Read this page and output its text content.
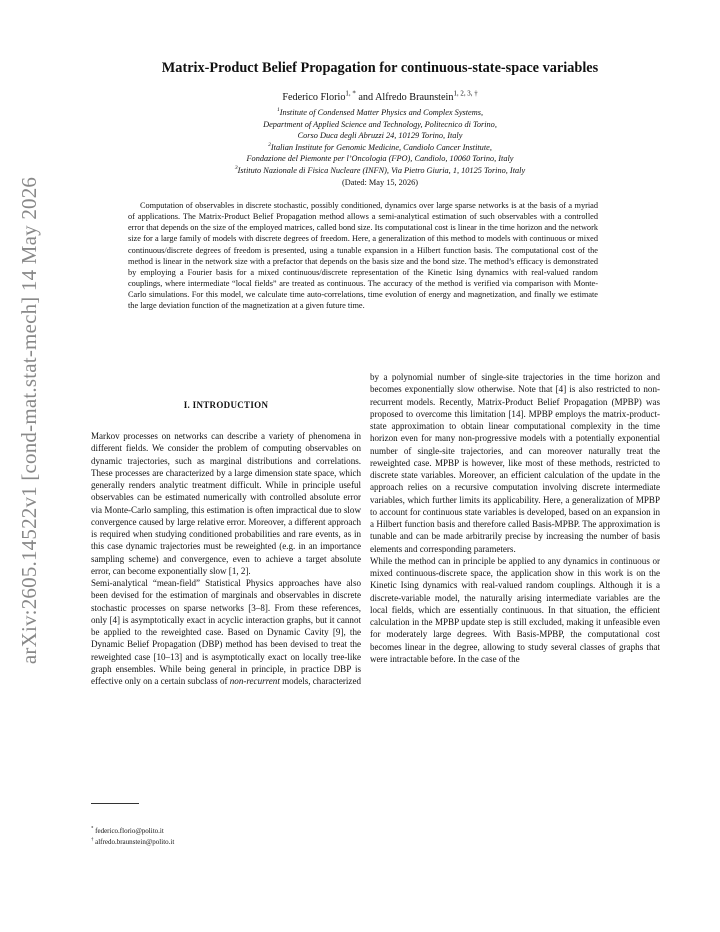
arXiv:2605.14522v1 [cond-mat.stat-mech] 14 May 2026
Matrix-Product Belief Propagation for continuous-state-space variables
Federico Florio$^{1, *}$ and Alfredo Braunstein$^{1, 2, 3, \dagger}$
$^1$Institute of Condensed Matter Physics and Complex Systems,
Department of Applied Science and Technology, Politecnico di Torino,
Corso Duca degli Abruzzi 24, 10129 Torino, Italy
$^2$Italian Institute for Genomic Medicine, Candiolo Cancer Institute,
Fondazione del Piemonte per l’Oncologia (FPO), Candiolo, 10060 Torino, Italy
$^3$Istituto Nazionale di Fisica Nucleare (INFN), Via Pietro Giuria, 1, 10125 Torino, Italy
(Dated: May 15, 2026)
Computation of observables in discrete stochastic, possibly conditioned, dynamics over large sparse networks is at the basis of a myriad of applications. The Matrix-Product Belief Propagation method allows a semi-analytical estimation of such observables with a controlled error that depends on the size of the employed matrices, called bond size. Its computational cost is linear in the time horizon and the network size for a large family of models with discrete degrees of freedom. Here, a generalization of this method to models with continuous or mixed continuous/discrete degrees of freedom is presented, using a tunable expansion in a Hilbert function basis. The computational cost of the method is linear in the network size with a prefactor that depends on the basis size and the bond size. The method’s efficacy is demonstrated by employing a Fourier basis for a mixed continuous/discrete representation of the Kinetic Ising dynamics with real-valued random couplings, where intermediate “local fields” are treated as continuous. The accuracy of the method is verified via comparison with Monte-Carlo simulations. For this model, we calculate time auto-correlations, time evolution of energy and magnetization, and finally we estimate the large deviation function of the magnetization at a given future time.
I. INTRODUCTION

Markov processes on networks can describe a variety of phenomena in different fields. We consider the problem of computing observables on dynamic trajectories, such as marginal distributions and correlations. These processes are characterized by a large dimension state space, which generally renders analytic treatment difficult. While in principle useful observables can be estimated numerically with controlled absolute error via Monte-Carlo sampling, this estimation is often impractical due to slow convergence caused by large relative error. Moreover, a different approach is required when studying conditioned probabilities and rare events, as in this case dynamic trajectories must be reweighted (e.g. in an importance sampling scheme) and convergence, even to achieve a target absolute error, can become exponentially slow [1, 2].

Semi-analytical “mean-field” Statistical Physics approaches have also been devised for the estimation of marginals and observables in discrete stochastic processes on sparse networks [3–8]. From these references, only [4] is asymptotically exact in acyclic interaction graphs, but it cannot be applied to the reweighted case. Based on Dynamic Cavity [9], the Dynamic Belief Propagation (DBP) method has been devised to treat the reweighted case [10–13] and is asymptotically exact on locally tree-like graph ensembles. While being general in principle, in practice DBP is effective only on a certain subclass of non-recurrent models, characterized

by a polynomial number of single-site trajectories in the time horizon and becomes exponentially slow otherwise. Note that [4] is also restricted to non-recurrent models. Recently, Matrix-Product Belief Propagation (MPBP) was proposed to overcome this limitation [14]. MPBP employs the matrix-product-state approximation to obtain linear computational complexity in the time horizon even for many non-progressive models with a potentially exponential number of single-site trajectories, and can moreover naturally treat the reweighted case. MPBP is however, like most of these methods, restricted to discrete state variables. Moreover, an efficient calculation of the update in the approach relies on a recursive computation involving discrete intermediate variables, which further limits its applicability. Here, a generalization of MPBP to account for continuous state variables is developed, based on an expansion in a Hilbert function basis and therefore called Basis-MPBP. The approximation is tunable and can be made arbitrarily precise by increasing the number of basis elements and corresponding parameters.

While the method can in principle be applied to any dynamics in continuous or mixed continuous-discrete space, the application show in this work is on the Kinetic Ising dynamics with real-valued random couplings. Although it is a discrete-variable model, the naturally arising intermediate variables are the local fields, which are essentially continuous. In that situation, the efficient calculation in the MPBP update step is still excluded, making it unfeasible even for moderately large degrees. With Basis-MPBP, the computational cost becomes linear in the degree, allowing to study several classes of graphs that were intractable before. In the case of the

* federico.florio@polito.it
† alfredo.braunstein@polito.it
